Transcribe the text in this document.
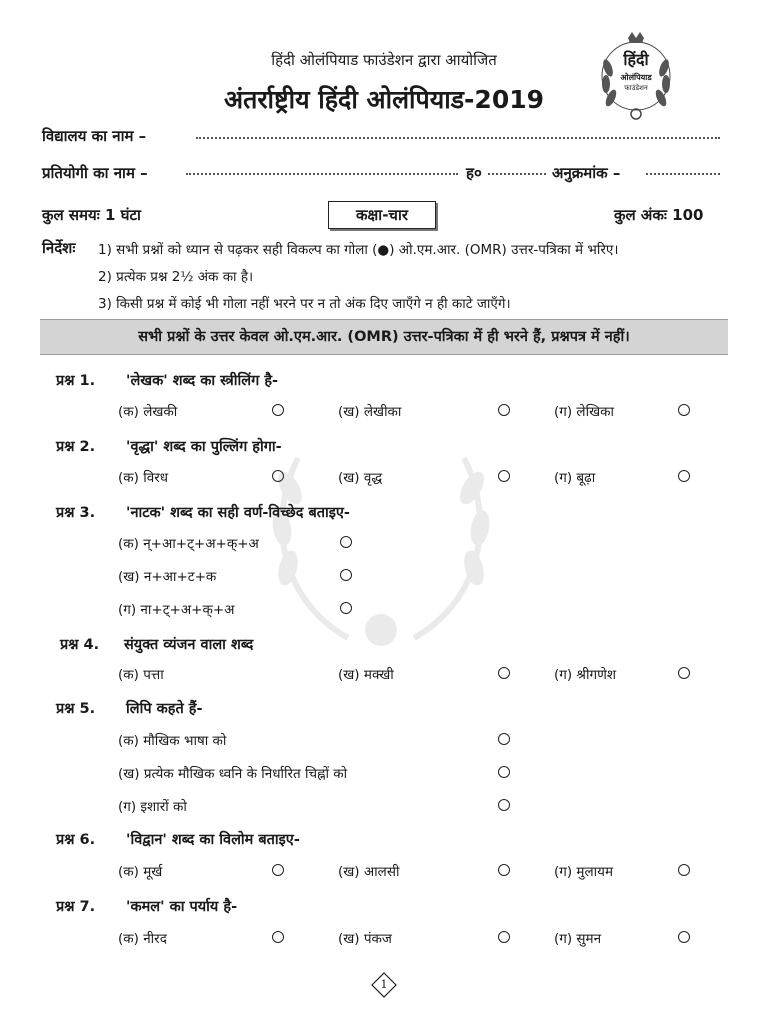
हिंदी ओलंपियाड फाउंडेशन द्वारा आयोजित
अंतर्राष्ट्रीय हिंदी ओलंपियाड-2019
हिंदी
ओलंपियाड
फाउंडेशन
विद्यालय का नाम –
प्रतियोगी का नाम –	ह०	अनुक्रमांक –
कुल समयः 1 घंटा	कक्षा-चार	कुल अंकः 100
निर्देशः 1) सभी प्रश्नों को ध्यान से पढ़कर सही विकल्प का गोला (●) ओ.एम.आर. (OMR) उत्तर-पत्रिका में भरिए।
2) प्रत्येक प्रश्न 2½ अंक का है।
3) किसी प्रश्न में कोई भी गोला नहीं भरने पर न तो अंक दिए जाएँगे न ही काटे जाएँगे।
सभी प्रश्नों के उत्तर केवल ओ.एम.आर. (OMR) उत्तर-पत्रिका में ही भरने हैं, प्रश्नपत्र में नहीं।
प्रश्न 1. 'लेखक' शब्द का स्त्रीलिंग है-
(क) लेखकी	(ख) लेखीका	(ग) लेखिका
प्रश्न 2. 'वृद्धा' शब्द का पुल्लिंग होगा-
(क) विरध	(ख) वृद्ध	(ग) बूढ़ा
प्रश्न 3. 'नाटक' शब्द का सही वर्ण-विच्छेद बताइए-
(क) न्+आ+ट्+अ+क्+अ
(ख) न+आ+ट+क
(ग) ना+ट्+अ+क्+अ
प्रश्न 4. संयुक्त व्यंजन वाला शब्द
(क) पत्ता	(ख) मक्खी	(ग) श्रीगणेश
प्रश्न 5. लिपि कहते हैं-
(क) मौखिक भाषा को
(ख) प्रत्येक मौखिक ध्वनि के निर्धारित चिह्नों को
(ग) इशारों को
प्रश्न 6. 'विद्वान' शब्द का विलोम बताइए-
(क) मूर्ख	(ख) आलसी	(ग) मुलायम
प्रश्न 7. 'कमल' का पर्याय है-
(क) नीरद	(ख) पंकज	(ग) सुमन
1
